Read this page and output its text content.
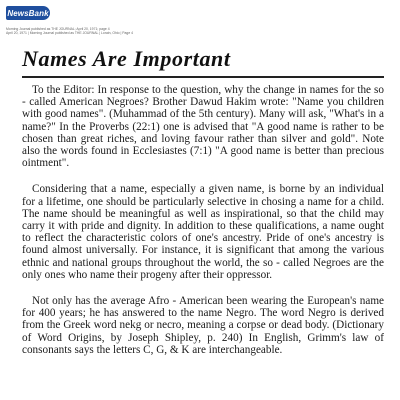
NewsBank
Morning Journal published as THE JOURNAL; April 20, 1971; page 4
April 20, 1971 | Morning Journal published as THE JOURNAL | Lorain, Ohio | Page 4
Names Are Important

To the Editor: In response to the question, why the change in names for the so - called American Negroes? Brother Dawud Hakim wrote: "Name you children with good names". (Muhammad of the 5th century). Many will ask, "What's in a name?" In the Proverbs (22:1) one is advised that "A good name is rather to be chosen than great riches, and loving favour rather than silver and gold". Note also the words found in Ecclesiastes (7:1) "A good name is better than precious ointment".

Considering that a name, especially a given name, is borne by an individual for a lifetime, one should be particularly selective in chosing a name for a child. The name should be meaningful as well as inspirational, so that the child may carry it with pride and dignity. In addition to these qualifications, a name ought to reflect the characteristic colors of one's ancestry. Pride of one's ancestry is found almost universally. For instance, it is significant that among the various ethnic and national groups throughout the world, the so - called Negroes are the only ones who name their progeny after their oppressor.

Not only has the average Afro - American been wearing the European's name for 400 years; he has answered to the name Negro. The word Negro is derived from the Greek word nekg or necro, meaning a corpse or dead body. (Dictionary of Word Origins, by Joseph Shipley, p. 240) In English, Grimm's law of consonants says the letters C, G, & K are interchangeable.
